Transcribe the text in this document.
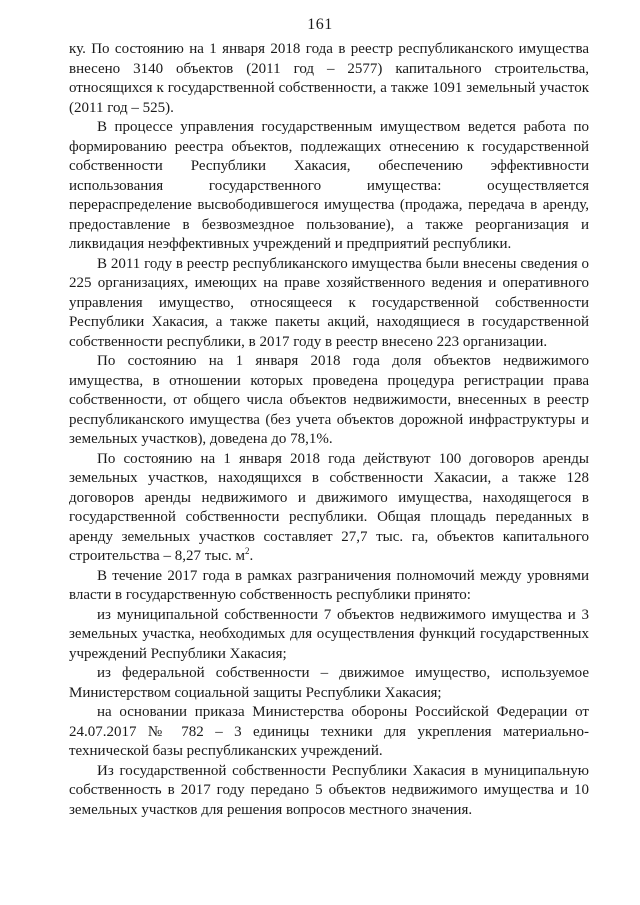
161

ку. По состоянию на 1 января 2018 года в реестр республиканского имущества внесено 3140 объектов (2011 год – 2577) капитального строительства, относящихся к государственной собственности, а также 1091 земельный участок (2011 год – 525).

В процессе управления государственным имуществом ведется работа по формированию реестра объектов, подлежащих отнесению к государственной собственности Республики Хакасия, обеспечению эффективности использования государственного имущества: осуществляется перераспределение высвободившегося имущества (продажа, передача в аренду, предоставление в безвозмездное пользование), а также реорганизация и ликвидация неэффективных учреждений и предприятий республики.

В 2011 году в реестр республиканского имущества были внесены сведения о 225 организациях, имеющих на праве хозяйственного ведения и оперативного управления имущество, относящееся к государственной собственности Республики Хакасия, а также пакеты акций, находящиеся в государственной собственности республики, в 2017 году в реестр внесено 223 организации.

По состоянию на 1 января 2018 года доля объектов недвижимого имущества, в отношении которых проведена процедура регистрации права собственности, от общего числа объектов недвижимости, внесенных в реестр республиканского имущества (без учета объектов дорожной инфраструктуры и земельных участков), доведена до 78,1%.

По состоянию на 1 января 2018 года действуют 100 договоров аренды земельных участков, находящихся в собственности Хакасии, а также 128 договоров аренды недвижимого и движимого имущества, находящегося в государственной собственности республики. Общая площадь переданных в аренду земельных участков составляет 27,7 тыс. га, объектов капитального строительства – 8,27 тыс. $м^2$.

В течение 2017 года в рамках разграничения полномочий между уровнями власти в государственную собственность республики принято:

из муниципальной собственности 7 объектов недвижимого имущества и 3 земельных участка, необходимых для осуществления функций государственных учреждений Республики Хакасия;

из федеральной собственности – движимое имущество, используемое Министерством социальной защиты Республики Хакасия;

на основании приказа Министерства обороны Российской Федерации от 24.07.2017 № 782 – 3 единицы техники для укрепления материально-технической базы республиканских учреждений.

Из государственной собственности Республики Хакасия в муниципальную собственность в 2017 году передано 5 объектов недвижимого имущества и 10 земельных участков для решения вопросов местного значения.
